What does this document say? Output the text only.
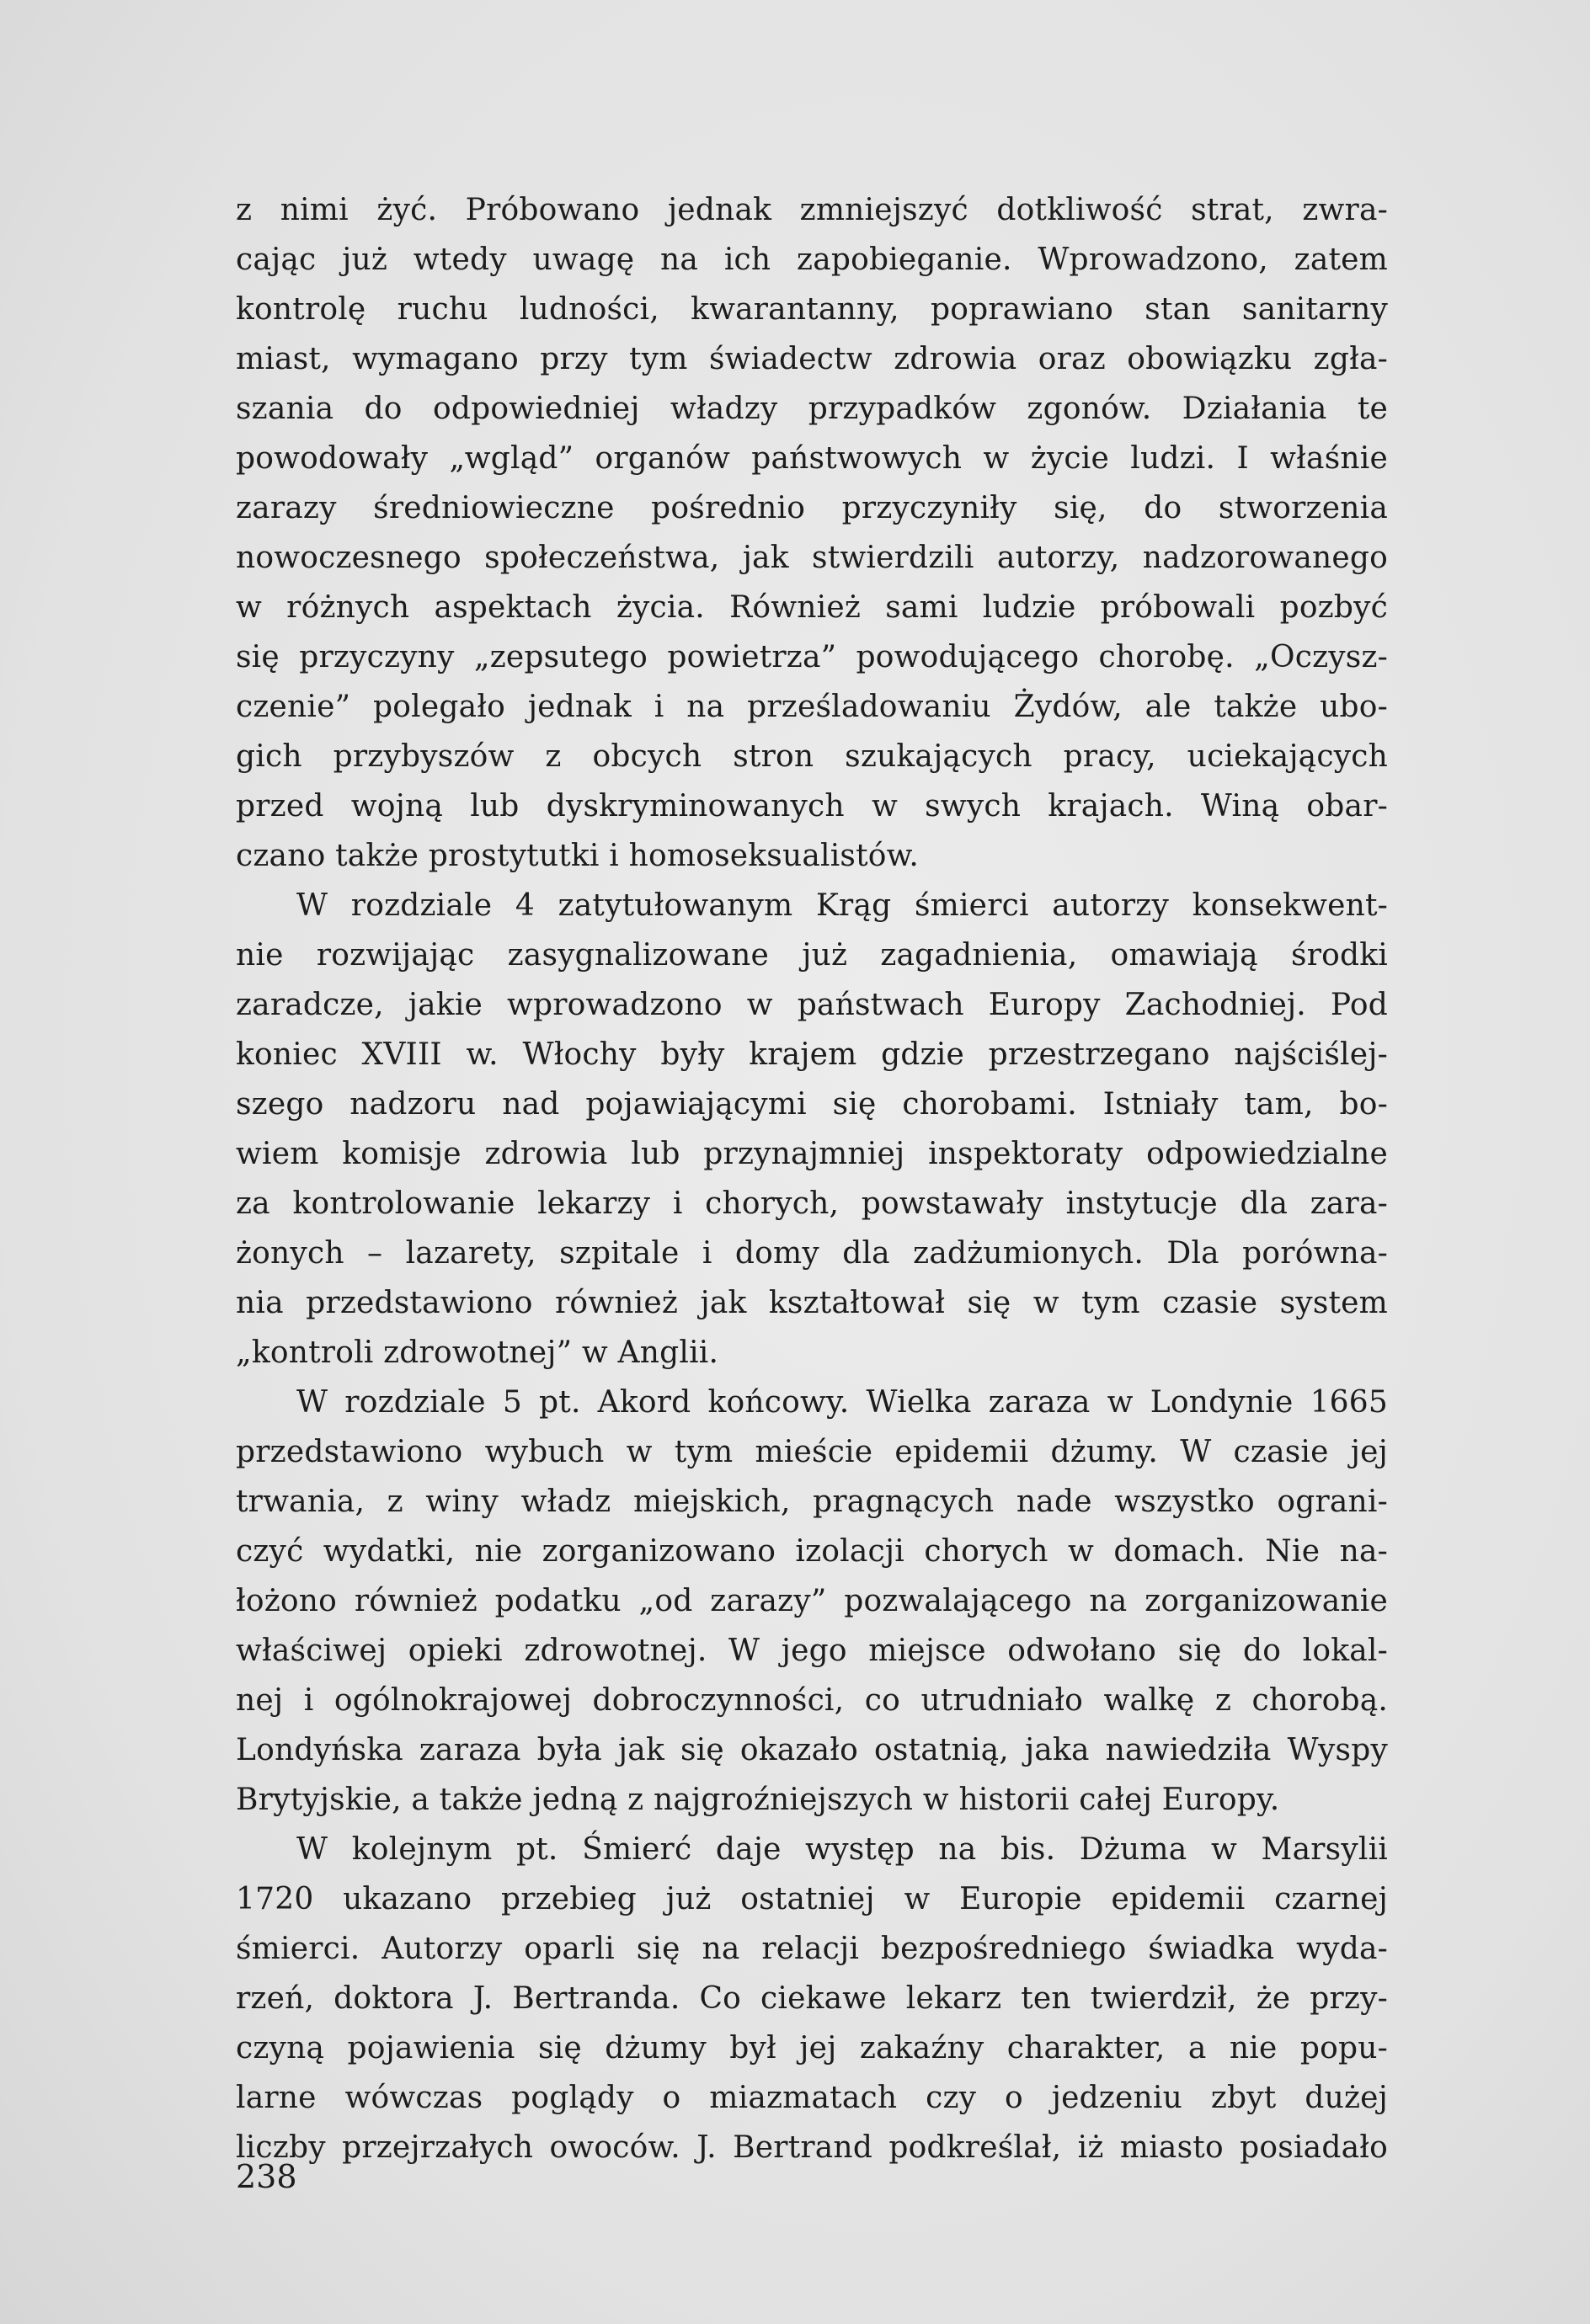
z nimi żyć. Próbowano jednak zmniejszyć dotkliwość strat, zwra-
cając już wtedy uwagę na ich zapobieganie. Wprowadzono, zatem
kontrolę ruchu ludności, kwarantanny, poprawiano stan sanitarny
miast, wymagano przy tym świadectw zdrowia oraz obowiązku zgła-
szania do odpowiedniej władzy przypadków zgonów. Działania te
powodowały „wgląd” organów państwowych w życie ludzi. I właśnie
zarazy średniowieczne pośrednio przyczyniły się, do stworzenia
nowoczesnego społeczeństwa, jak stwierdzili autorzy, nadzorowanego
w różnych aspektach życia. Również sami ludzie próbowali pozbyć
się przyczyny „zepsutego powietrza” powodującego chorobę. „Oczysz-
czenie” polegało jednak i na prześladowaniu Żydów, ale także ubo-
gich przybyszów z obcych stron szukających pracy, uciekających
przed wojną lub dyskryminowanych w swych krajach. Winą obar-
czano także prostytutki i homoseksualistów.
W rozdziale 4 zatytułowanym Krąg śmierci autorzy konsekwent-
nie rozwijając zasygnalizowane już zagadnienia, omawiają środki
zaradcze, jakie wprowadzono w państwach Europy Zachodniej. Pod
koniec XVIII w. Włochy były krajem gdzie przestrzegano najściślej-
szego nadzoru nad pojawiającymi się chorobami. Istniały tam, bo-
wiem komisje zdrowia lub przynajmniej inspektoraty odpowiedzialne
za kontrolowanie lekarzy i chorych, powstawały instytucje dla zara-
żonych – lazarety, szpitale i domy dla zadżumionych. Dla porówna-
nia przedstawiono również jak kształtował się w tym czasie system
„kontroli zdrowotnej” w Anglii.
W rozdziale 5 pt. Akord końcowy. Wielka zaraza w Londynie 1665
przedstawiono wybuch w tym mieście epidemii dżumy. W czasie jej
trwania, z winy władz miejskich, pragnących nade wszystko ograni-
czyć wydatki, nie zorganizowano izolacji chorych w domach. Nie na-
łożono również podatku „od zarazy” pozwalającego na zorganizowanie
właściwej opieki zdrowotnej. W jego miejsce odwołano się do lokal-
nej i ogólnokrajowej dobroczynności, co utrudniało walkę z chorobą.
Londyńska zaraza była jak się okazało ostatnią, jaka nawiedziła Wyspy
Brytyjskie, a także jedną z najgroźniejszych w historii całej Europy.
W kolejnym pt. Śmierć daje występ na bis. Dżuma w Marsylii
1720 ukazano przebieg już ostatniej w Europie epidemii czarnej
śmierci. Autorzy oparli się na relacji bezpośredniego świadka wyda-
rzeń, doktora J. Bertranda. Co ciekawe lekarz ten twierdził, że przy-
czyną pojawienia się dżumy był jej zakaźny charakter, a nie popu-
larne wówczas poglądy o miazmatach czy o jedzeniu zbyt dużej
liczby przejrzałych owoców. J. Bertrand podkreślał, iż miasto posiadało
238
